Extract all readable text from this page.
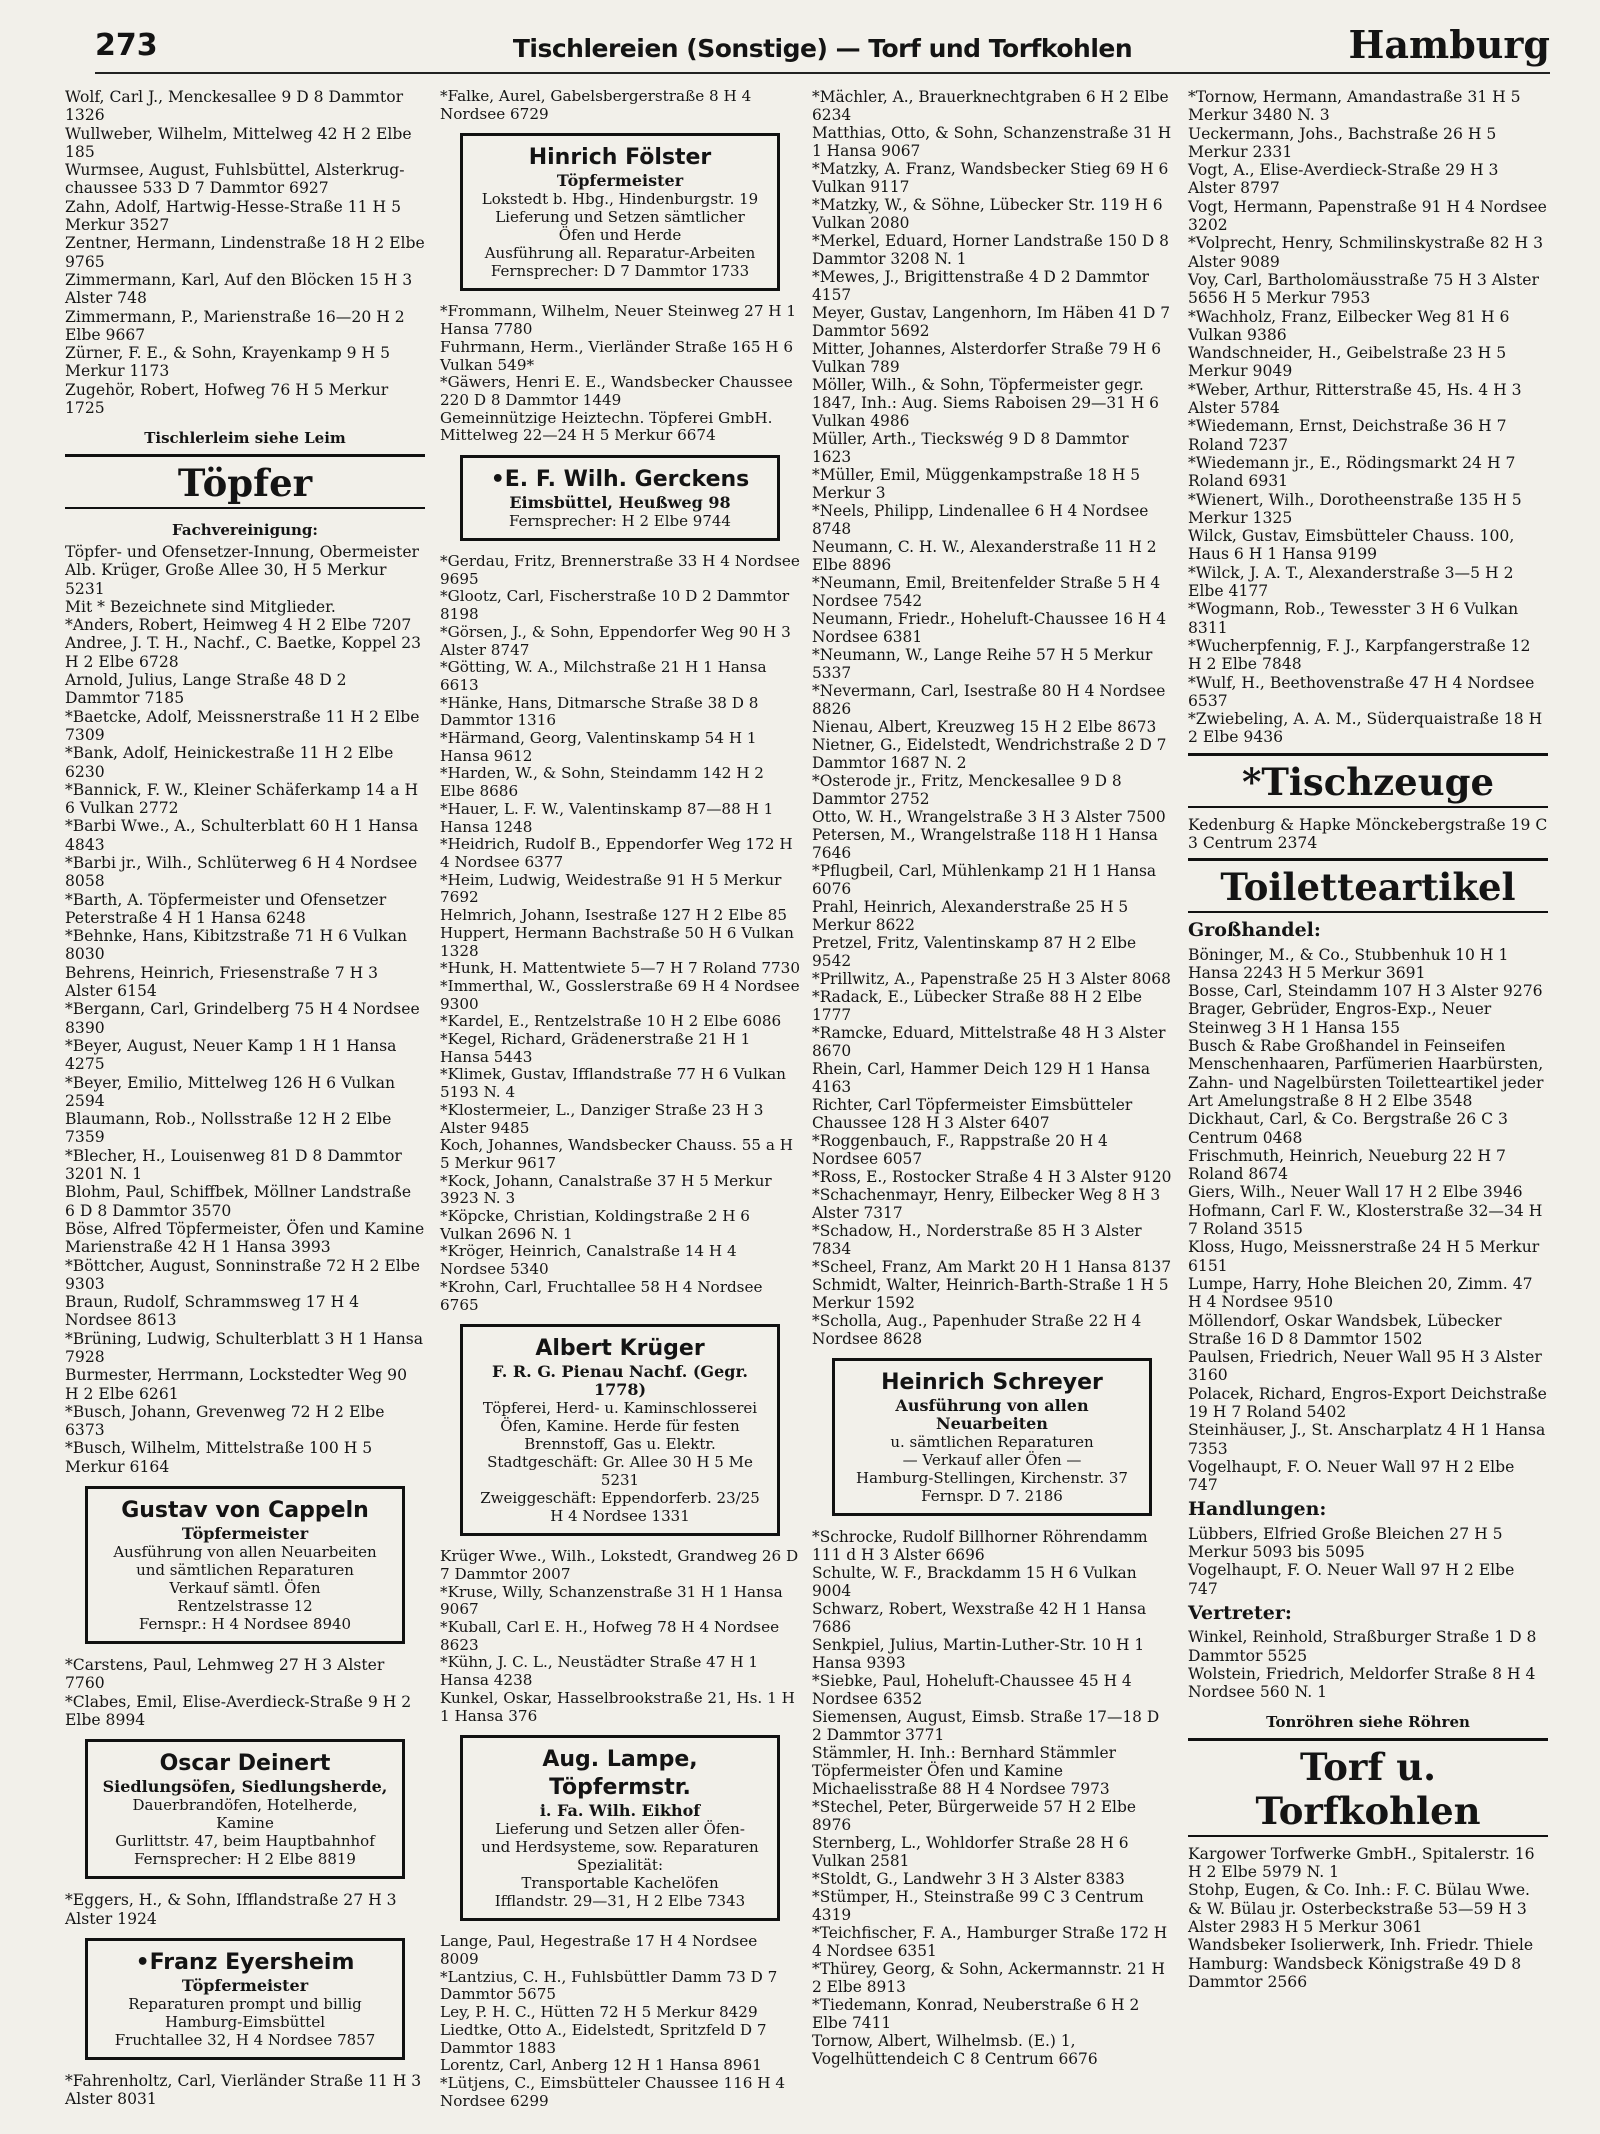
273	Tischlereien (Sonstige) — Torf und Torfkohlen	Hamburg

Wolf, Carl J., Menckesallee 9 D 8 Dammtor 1326

Wullweber, Wilhelm, Mittelweg 42 H 2 Elbe 185

Wurmsee, August, Fuhlsbüttel, Alsterkrug-chaussee 533 D 7 Dammtor 6927

Zahn, Adolf, Hartwig-Hesse-Straße 11 H 5 Merkur 3527

Zentner, Hermann, Lindenstraße 18 H 2 Elbe 9765

Zimmermann, Karl, Auf den Blöcken 15 H 3 Alster 748

Zimmermann, P., Marienstraße 16—20 H 2 Elbe 9667

Zürner, F. E., & Sohn, Krayenkamp 9 H 5 Merkur 1173

Zugehör, Robert, Hofweg 76 H 5 Merkur 1725

Tischlerleim siehe Leim

Töpfer

Fachvereinigung:

Töpfer- und Ofensetzer-Innung, Obermeister Alb. Krüger, Große Allee 30, H 5 Merkur 5231

Mit * Bezeichnete sind Mitglieder.

*Anders, Robert, Heimweg 4 H 2 Elbe 7207

Andree, J. T. H., Nachf., C. Baetke, Koppel 23 H 2 Elbe 6728

Arnold, Julius, Lange Straße 48 D 2 Dammtor 7185

*Baetcke, Adolf, Meissnerstraße 11 H 2 Elbe 7309

*Bank, Adolf, Heinickestraße 11 H 2 Elbe 6230

*Bannick, F. W., Kleiner Schäferkamp 14 a H 6 Vulkan 2772

*Barbi Wwe., A., Schulterblatt 60 H 1 Hansa 4843

*Barbi jr., Wilh., Schlüterweg 6 H 4 Nordsee 8058

*Barth, A. Töpfermeister und Ofensetzer Peterstraße 4 H 1 Hansa 6248

*Behnke, Hans, Kibitzstraße 71 H 6 Vulkan 8030

Behrens, Heinrich, Friesenstraße 7 H 3 Alster 6154

*Bergann, Carl, Grindelberg 75 H 4 Nordsee 8390

*Beyer, August, Neuer Kamp 1 H 1 Hansa 4275

*Beyer, Emilio, Mittelweg 126 H 6 Vulkan 2594

Blaumann, Rob., Nollsstraße 12 H 2 Elbe 7359

*Blecher, H., Louisenweg 81 D 8 Dammtor 3201 N. 1

Blohm, Paul, Schiffbek, Möllner Landstraße 6 D 8 Dammtor 3570

Böse, Alfred Töpfermeister, Öfen und Kamine Marienstraße 42 H 1 Hansa 3993

*Böttcher, August, Sonninstraße 72 H 2 Elbe 9303

Braun, Rudolf, Schrammsweg 17 H 4 Nordsee 8613

*Brüning, Ludwig, Schulterblatt 3 H 1 Hansa 7928

Burmester, Herrmann, Lockstedter Weg 90 H 2 Elbe 6261

*Busch, Johann, Grevenweg 72 H 2 Elbe 6373

*Busch, Wilhelm, Mittelstraße 100 H 5 Merkur 6164

Gustav von Cappeln
Töpfermeister
Ausführung von allen Neuarbeiten
und sämtlichen Reparaturen
Verkauf sämtl. Öfen
Rentzelstrasse 12
Fernspr.: H 4 Nordsee 8940

*Carstens, Paul, Lehmweg 27 H 3 Alster 7760

*Clabes, Emil, Elise-Averdieck-Straße 9 H 2 Elbe 8994

Oscar Deinert
Siedlungsöfen, Siedlungsherde,
Dauerbrandöfen, Hotelherde,
Kamine
Gurlittstr. 47, beim Hauptbahnhof
Fernsprecher: H 2 Elbe 8819

*Eggers, H., & Sohn, Ifflandstraße 27 H 3 Alster 1924

•Franz Eyersheim
Töpfermeister
Reparaturen prompt und billig
Hamburg-Eimsbüttel
Fruchtallee 32, H 4 Nordsee 7857

*Fahrenholtz, Carl, Vierländer Straße 11 H 3 Alster 8031

*Falke, Aurel, Gabelsbergerstraße 8 H 4 Nordsee 6729

Hinrich Fölster
Töpfermeister
Lokstedt b. Hbg., Hindenburgstr. 19
Lieferung und Setzen sämtlicher
Öfen und Herde
Ausführung all. Reparatur-Arbeiten
Fernsprecher: D 7 Dammtor 1733

*Frommann, Wilhelm, Neuer Steinweg 27 H 1 Hansa 7780

Fuhrmann, Herm., Vierländer Straße 165 H 6 Vulkan 549*

*Gäwers, Henri E. E., Wandsbecker Chaussee 220 D 8 Dammtor 1449

Gemeinnützige Heiztechn. Töpferei GmbH. Mittelweg 22—24 H 5 Merkur 6674

•E. F. Wilh. Gerckens
Eimsbüttel, Heußweg 98
Fernsprecher: H 2 Elbe 9744

*Gerdau, Fritz, Brennerstraße 33 H 4 Nordsee 9695

*Glootz, Carl, Fischerstraße 10 D 2 Dammtor 8198

*Görsen, J., & Sohn, Eppendorfer Weg 90 H 3 Alster 8747

*Götting, W. A., Milchstraße 21 H 1 Hansa 6613

*Hänke, Hans, Ditmarsche Straße 38 D 8 Dammtor 1316

*Härmand, Georg, Valentinskamp 54 H 1 Hansa 9612

*Harden, W., & Sohn, Steindamm 142 H 2 Elbe 8686

*Hauer, L. F. W., Valentinskamp 87—88 H 1 Hansa 1248

*Heidrich, Rudolf B., Eppendorfer Weg 172 H 4 Nordsee 6377

*Heim, Ludwig, Weidestraße 91 H 5 Merkur 7692

Helmrich, Johann, Isestraße 127 H 2 Elbe 85

Huppert, Hermann Bachstraße 50 H 6 Vulkan 1328

*Hunk, H. Mattentwiete 5—7 H 7 Roland 7730

*Immerthal, W., Gosslerstraße 69 H 4 Nordsee 9300

*Kardel, E., Rentzelstraße 10 H 2 Elbe 6086

*Kegel, Richard, Grädenerstraße 21 H 1 Hansa 5443

*Klimek, Gustav, Ifflandstraße 77 H 6 Vulkan 5193 N. 4

*Klostermeier, L., Danziger Straße 23 H 3 Alster 9485

Koch, Johannes, Wandsbecker Chauss. 55 a H 5 Merkur 9617

*Kock, Johann, Canalstraße 37 H 5 Merkur 3923 N. 3

*Köpcke, Christian, Koldingstraße 2 H 6 Vulkan 2696 N. 1

*Kröger, Heinrich, Canalstraße 14 H 4 Nordsee 5340

*Krohn, Carl, Fruchtallee 58 H 4 Nordsee 6765

Albert Krüger
F. R. G. Pienau Nachf. (Gegr. 1778)
Töpferei, Herd- u. Kaminschlosserei
Öfen, Kamine. Herde für festen
Brennstoff, Gas u. Elektr.
Stadtgeschäft: Gr. Allee 30 H 5 Me 5231
Zweiggeschäft: Eppendorferb. 23/25
H 4 Nordsee 1331

Krüger Wwe., Wilh., Lokstedt, Grandweg 26 D 7 Dammtor 2007

*Kruse, Willy, Schanzenstraße 31 H 1 Hansa 9067

*Kuball, Carl E. H., Hofweg 78 H 4 Nordsee 8623

*Kühn, J. C. L., Neustädter Straße 47 H 1 Hansa 4238

Kunkel, Oskar, Hasselbrookstraße 21, Hs. 1 H 1 Hansa 376

Aug. Lampe, Töpfermstr.
i. Fa. Wilh. Eikhof
Lieferung und Setzen aller Öfen-
und Herdsysteme, sow. Reparaturen
Spezialität:
Transportable Kachelöfen
Ifflandstr. 29—31, H 2 Elbe 7343

Lange, Paul, Hegestraße 17 H 4 Nordsee 8009

*Lantzius, C. H., Fuhlsbüttler Damm 73 D 7 Dammtor 5675

Ley, P. H. C., Hütten 72 H 5 Merkur 8429

Liedtke, Otto A., Eidelstedt, Spritzfeld D 7 Dammtor 1883

Lorentz, Carl, Anberg 12 H 1 Hansa 8961

*Lütjens, C., Eimsbütteler Chaussee 116 H 4 Nordsee 6299

*Mächler, A., Brauerknechtgraben 6 H 2 Elbe 6234

Matthias, Otto, & Sohn, Schanzenstraße 31 H 1 Hansa 9067

*Matzky, A. Franz, Wandsbecker Stieg 69 H 6 Vulkan 9117

*Matzky, W., & Söhne, Lübecker Str. 119 H 6 Vulkan 2080

*Merkel, Eduard, Horner Landstraße 150 D 8 Dammtor 3208 N. 1

*Mewes, J., Brigittenstraße 4 D 2 Dammtor 4157

Meyer, Gustav, Langenhorn, Im Häben 41 D 7 Dammtor 5692

Mitter, Johannes, Alsterdorfer Straße 79 H 6 Vulkan 789

Möller, Wilh., & Sohn, Töpfermeister gegr. 1847, Inh.: Aug. Siems Raboisen 29—31 H 6 Vulkan 4986

Müller, Arth., Tieckswég 9 D 8 Dammtor 1623

*Müller, Emil, Müggenkampstraße 18 H 5 Merkur 3

*Neels, Philipp, Lindenallee 6 H 4 Nordsee 8748

Neumann, C. H. W., Alexanderstraße 11 H 2 Elbe 8896

*Neumann, Emil, Breitenfelder Straße 5 H 4 Nordsee 7542

Neumann, Friedr., Hoheluft-Chaussee 16 H 4 Nordsee 6381

*Neumann, W., Lange Reihe 57 H 5 Merkur 5337

*Nevermann, Carl, Isestraße 80 H 4 Nordsee 8826

Nienau, Albert, Kreuzweg 15 H 2 Elbe 8673

Nietner, G., Eidelstedt, Wendrichstraße 2 D 7 Dammtor 1687 N. 2

*Osterode jr., Fritz, Menckesallee 9 D 8 Dammtor 2752

Otto, W. H., Wrangelstraße 3 H 3 Alster 7500

Petersen, M., Wrangelstraße 118 H 1 Hansa 7646

*Pflugbeil, Carl, Mühlenkamp 21 H 1 Hansa 6076

Prahl, Heinrich, Alexanderstraße 25 H 5 Merkur 8622

Pretzel, Fritz, Valentinskamp 87 H 2 Elbe 9542

*Prillwitz, A., Papenstraße 25 H 3 Alster 8068

*Radack, E., Lübecker Straße 88 H 2 Elbe 1777

*Ramcke, Eduard, Mittelstraße 48 H 3 Alster 8670

Rhein, Carl, Hammer Deich 129 H 1 Hansa 4163

Richter, Carl Töpfermeister Eimsbütteler Chaussee 128 H 3 Alster 6407

*Roggenbauch, F., Rappstraße 20 H 4 Nordsee 6057

*Ross, E., Rostocker Straße 4 H 3 Alster 9120

*Schachenmayr, Henry, Eilbecker Weg 8 H 3 Alster 7317

*Schadow, H., Norderstraße 85 H 3 Alster 7834

*Scheel, Franz, Am Markt 20 H 1 Hansa 8137

Schmidt, Walter, Heinrich-Barth-Straße 1 H 5 Merkur 1592

*Scholla, Aug., Papenhuder Straße 22 H 4 Nordsee 8628

Heinrich Schreyer
Ausführung von allen Neuarbeiten
u. sämtlichen Reparaturen
— Verkauf aller Öfen —
Hamburg-Stellingen, Kirchenstr. 37
Fernspr. D 7. 2186

*Schrocke, Rudolf Billhorner Röhrendamm 111 d H 3 Alster 6696

Schulte, W. F., Brackdamm 15 H 6 Vulkan 9004

Schwarz, Robert, Wexstraße 42 H 1 Hansa 7686

Senkpiel, Julius, Martin-Luther-Str. 10 H 1 Hansa 9393

*Siebke, Paul, Hoheluft-Chaussee 45 H 4 Nordsee 6352

Siemensen, August, Eimsb. Straße 17—18 D 2 Dammtor 3771

Stämmler, H. Inh.: Bernhard Stämmler Töpfermeister Öfen und Kamine Michaelisstraße 88 H 4 Nordsee 7973

*Stechel, Peter, Bürgerweide 57 H 2 Elbe 8976

Sternberg, L., Wohldorfer Straße 28 H 6 Vulkan 2581

*Stoldt, G., Landwehr 3 H 3 Alster 8383

*Stümper, H., Steinstraße 99 C 3 Centrum 4319

*Teichfischer, F. A., Hamburger Straße 172 H 4 Nordsee 6351

*Thürey, Georg, & Sohn, Ackermannstr. 21 H 2 Elbe 8913

*Tiedemann, Konrad, Neuberstraße 6 H 2 Elbe 7411

Tornow, Albert, Wilhelmsb. (E.) 1, Vogelhüttendeich C 8 Centrum 6676

*Tornow, Hermann, Amandastraße 31 H 5 Merkur 3480 N. 3

Ueckermann, Johs., Bachstraße 26 H 5 Merkur 2331

Vogt, A., Elise-Averdieck-Straße 29 H 3 Alster 8797

Vogt, Hermann, Papenstraße 91 H 4 Nordsee 3202

*Volprecht, Henry, Schmilinskystraße 82 H 3 Alster 9089

Voy, Carl, Bartholomäusstraße 75 H 3 Alster 5656 H 5 Merkur 7953

*Wachholz, Franz, Eilbecker Weg 81 H 6 Vulkan 9386

Wandschneider, H., Geibelstraße 23 H 5 Merkur 9049

*Weber, Arthur, Ritterstraße 45, Hs. 4 H 3 Alster 5784

*Wiedemann, Ernst, Deichstraße 36 H 7 Roland 7237

*Wiedemann jr., E., Rödingsmarkt 24 H 7 Roland 6931

*Wienert, Wilh., Dorotheenstraße 135 H 5 Merkur 1325

Wilck, Gustav, Eimsbütteler Chauss. 100, Haus 6 H 1 Hansa 9199

*Wilck, J. A. T., Alexanderstraße 3—5 H 2 Elbe 4177

*Wogmann, Rob., Tewesstег 3 H 6 Vulkan 8311

*Wucherpfennig, F. J., Karpfangerstraße 12 H 2 Elbe 7848

*Wulf, H., Beethovenstraße 47 H 4 Nordsee 6537

*Zwiebeling, A. A. M., Süderquaistraße 18 H 2 Elbe 9436

*Tischzeuge

Kedenburg & Hapke Mönckebergstraße 19 C 3 Centrum 2374

Toiletteartikel

Großhandel:

Böninger, M., & Co., Stubbenhuk 10 H 1 Hansa 2243 H 5 Merkur 3691

Bosse, Carl, Steindamm 107 H 3 Alster 9276

Brager, Gebrüder, Engros-Exp., Neuer Steinweg 3 H 1 Hansa 155

Busch & Rabe Großhandel in Feinseifen Menschenhaaren, Parfümerien Haarbürsten, Zahn- und Nagelbürsten Toiletteartikel jeder Art Amelungstraße 8 H 2 Elbe 3548

Dickhaut, Carl, & Co. Bergstraße 26 C 3 Centrum 0468

Frischmuth, Heinrich, Neueburg 22 H 7 Roland 8674

Giers, Wilh., Neuer Wall 17 H 2 Elbe 3946

Hofmann, Carl F. W., Klosterstraße 32—34 H 7 Roland 3515

Kloss, Hugo, Meissnerstraße 24 H 5 Merkur 6151

Lumpe, Harry, Hohe Bleichen 20, Zimm. 47 H 4 Nordsee 9510

Möllendorf, Oskar Wandsbek, Lübecker Straße 16 D 8 Dammtor 1502

Paulsen, Friedrich, Neuer Wall 95 H 3 Alster 3160

Polacek, Richard, Engros-Export Deichstraße 19 H 7 Roland 5402

Steinhäuser, J., St. Anscharplatz 4 H 1 Hansa 7353

Vogelhaupt, F. O. Neuer Wall 97 H 2 Elbe 747

Handlungen:

Lübbers, Elfried Große Bleichen 27 H 5 Merkur 5093 bis 5095

Vogelhaupt, F. O. Neuer Wall 97 H 2 Elbe 747

Vertreter:

Winkel, Reinhold, Straßburger Straße 1 D 8 Dammtor 5525

Wolstein, Friedrich, Meldorfer Straße 8 H 4 Nordsee 560 N. 1

Tonröhren siehe Röhren

Torf u. Torfkohlen

Kargower Torfwerke GmbH., Spitalerstr. 16 H 2 Elbe 5979 N. 1

Stohp, Eugen, & Co. Inh.: F. C. Bülau Wwe. & W. Bülau jr. Osterbeckstraße 53—59 H 3 Alster 2983 H 5 Merkur 3061

Wandsbeker Isolierwerk, Inh. Friedr. Thiele Hamburg: Wandsbeck Königstraße 49 D 8 Dammtor 2566
